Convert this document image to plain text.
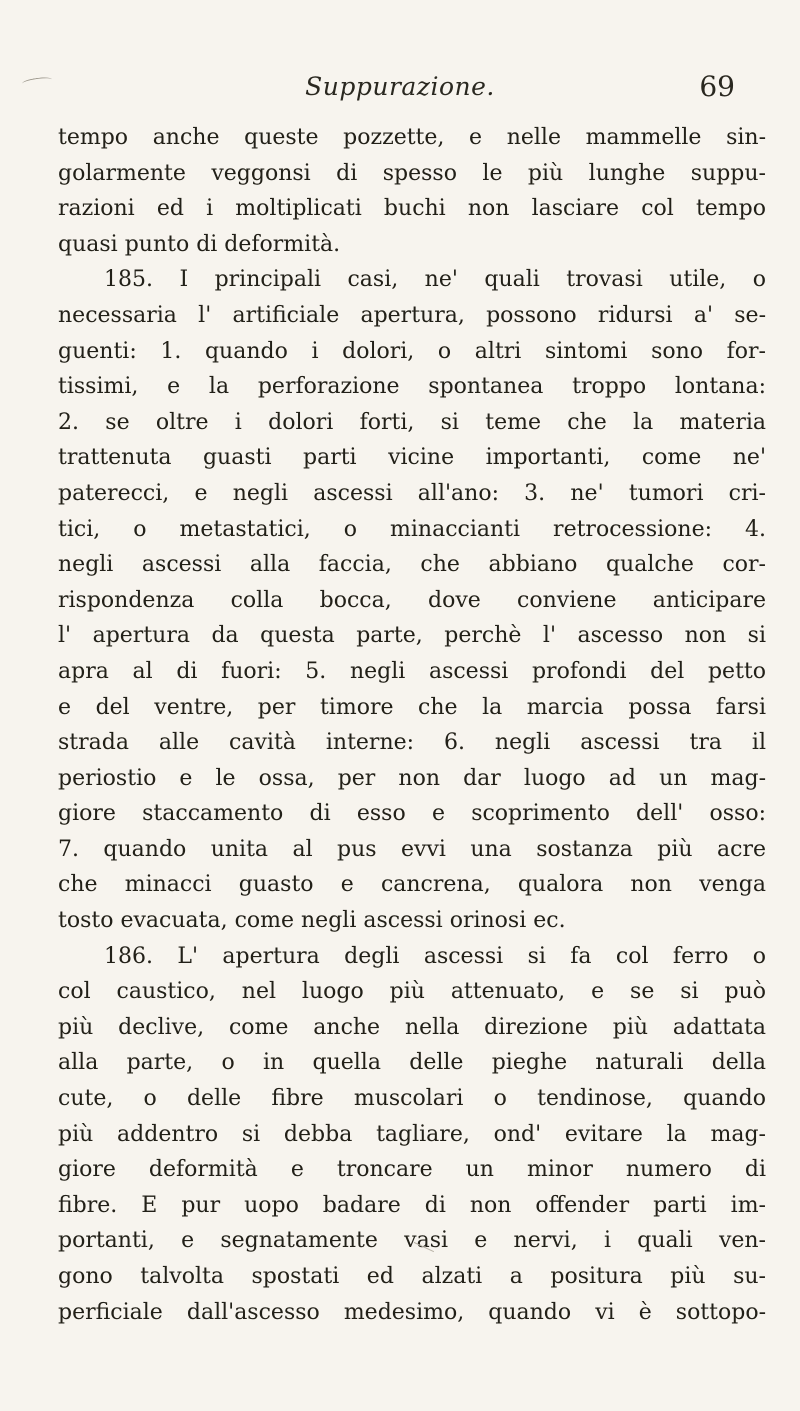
Suppurazione.	69
tempo anche queste pozzette, e nelle mammelle sin-
golarmente veggonsi di spesso le più lunghe suppu-
razioni ed i moltiplicati buchi non lasciare col tempo
quasi punto di deformità.
185. I principali casi, ne' quali trovasi utile, o
necessaria l' artificiale apertura, possono ridursi a' se-
guenti: 1. quando i dolori, o altri sintomi sono for-
tissimi, e la perforazione spontanea troppo lontana:
2. se oltre i dolori forti, si teme che la materia
trattenuta guasti parti vicine importanti, come ne'
paterecci, e negli ascessi all'ano: 3. ne' tumori cri-
tici, o metastatici, o minaccianti retrocessione: 4.
negli ascessi alla faccia, che abbiano qualche cor-
rispondenza colla bocca, dove conviene anticipare
l' apertura da questa parte, perchè l' ascesso non si
apra al di fuori: 5. negli ascessi profondi del petto
e del ventre, per timore che la marcia possa farsi
strada alle cavità interne: 6. negli ascessi tra il
periostio e le ossa, per non dar luogo ad un mag-
giore staccamento di esso e scoprimento dell' osso:
7. quando unita al pus evvi una sostanza più acre
che minacci guasto e cancrena, qualora non venga
tosto evacuata, come negli ascessi orinosi ec.
186. L' apertura degli ascessi si fa col ferro o
col caustico, nel luogo più attenuato, e se si può
più declive, come anche nella direzione più adattata
alla parte, o in quella delle pieghe naturali della
cute, o delle fibre muscolari o tendinose, quando
più addentro si debba tagliare, ond' evitare la mag-
giore deformità e troncare un minor numero di
fibre. E pur uopo badare di non offender parti im-
portanti, e segnatamente vasi e nervi, i quali ven-
gono talvolta spostati ed alzati a positura più su-
perficiale dall'ascesso medesimo, quando vi è sottopo-
